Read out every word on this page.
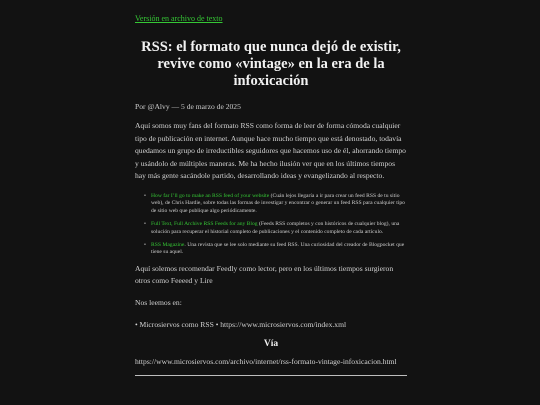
Versión en archivo de texto
RSS: el formato que nunca dejó de existir, revive como «vintage» en la era de la infoxicación
Por @Alvy — 5 de marzo de 2025

Aquí somos muy fans del formato RSS como forma de leer de forma cómoda cualquier tipo de publicación en internet. Aunque hace mucho tiempo que está denostado, todavía quedamos un grupo de irreductibles seguidores que hacemos uso de él, ahorrando tiempo y usándolo de múltiples maneras. Me ha hecho ilusión ver que en los últimos tiempos hay más gente sacándole partido, desarrollando ideas y evangelizando al respecto.

• How far I’ll go to make an RSS feed of your website (Cuán lejos llegaría a ir para crear un feed RSS de tu sitio web), de Chris Hardie, sobre todas las formas de investigar y encontrar o generar un feed RSS para cualquier tipo de sitio web que publique algo periódicamente.
• Full Text, Full Archive RSS Feeds for any Blog (Feeds RSS completos y con históricos de cualquier blog), una solución para recuperar el historial completo de publicaciones y el contenido completo de cada artículo.
• RSS Magazine. Una revista que se lee solo mediante su feed RSS. Una curiosidad del creador de Blogpocket que tiene su aquel.

Aquí solemos recomendar Feedly como lector, pero en los últimos tiempos surgieron otros como Feeeed y Lire

Nos leemos en:

• Microsiervos como RSS • https://www.microsiervos.com/index.xml

Vía
https://www.microsiervos.com/archivo/internet/rss-formato-vintage-infoxicacion.html
